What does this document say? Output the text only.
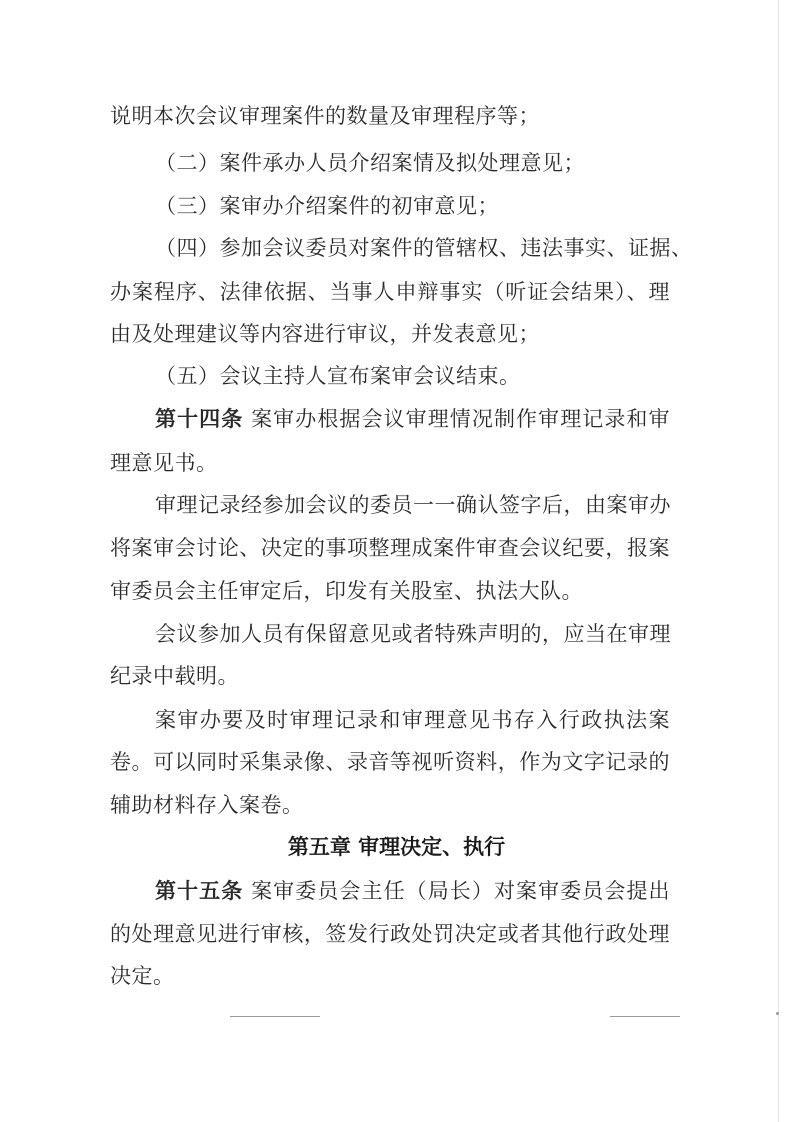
说明本次会议审理案件的数量及审理程序等；
（二）案件承办人员介绍案情及拟处理意见；
（三）案审办介绍案件的初审意见；
（四）参加会议委员对案件的管辖权、违法事实、证据、
办案程序、法律依据、当事人申辩事实（听证会结果）、理
由及处理建议等内容进行审议，并发表意见；
（五）会议主持人宣布案审会议结束。
第十四条 案审办根据会议审理情况制作审理记录和审
理意见书。
审理记录经参加会议的委员一一确认签字后，由案审办
将案审会讨论、决定的事项整理成案件审查会议纪要，报案
审委员会主任审定后，印发有关股室、执法大队。
会议参加人员有保留意见或者特殊声明的，应当在审理
纪录中载明。
案审办要及时审理记录和审理意见书存入行政执法案
卷。可以同时采集录像、录音等视听资料，作为文字记录的
辅助材料存入案卷。
第五章 审理决定、执行
第十五条 案审委员会主任（局长）对案审委员会提出
的处理意见进行审核，签发行政处罚决定或者其他行政处理
决定。
